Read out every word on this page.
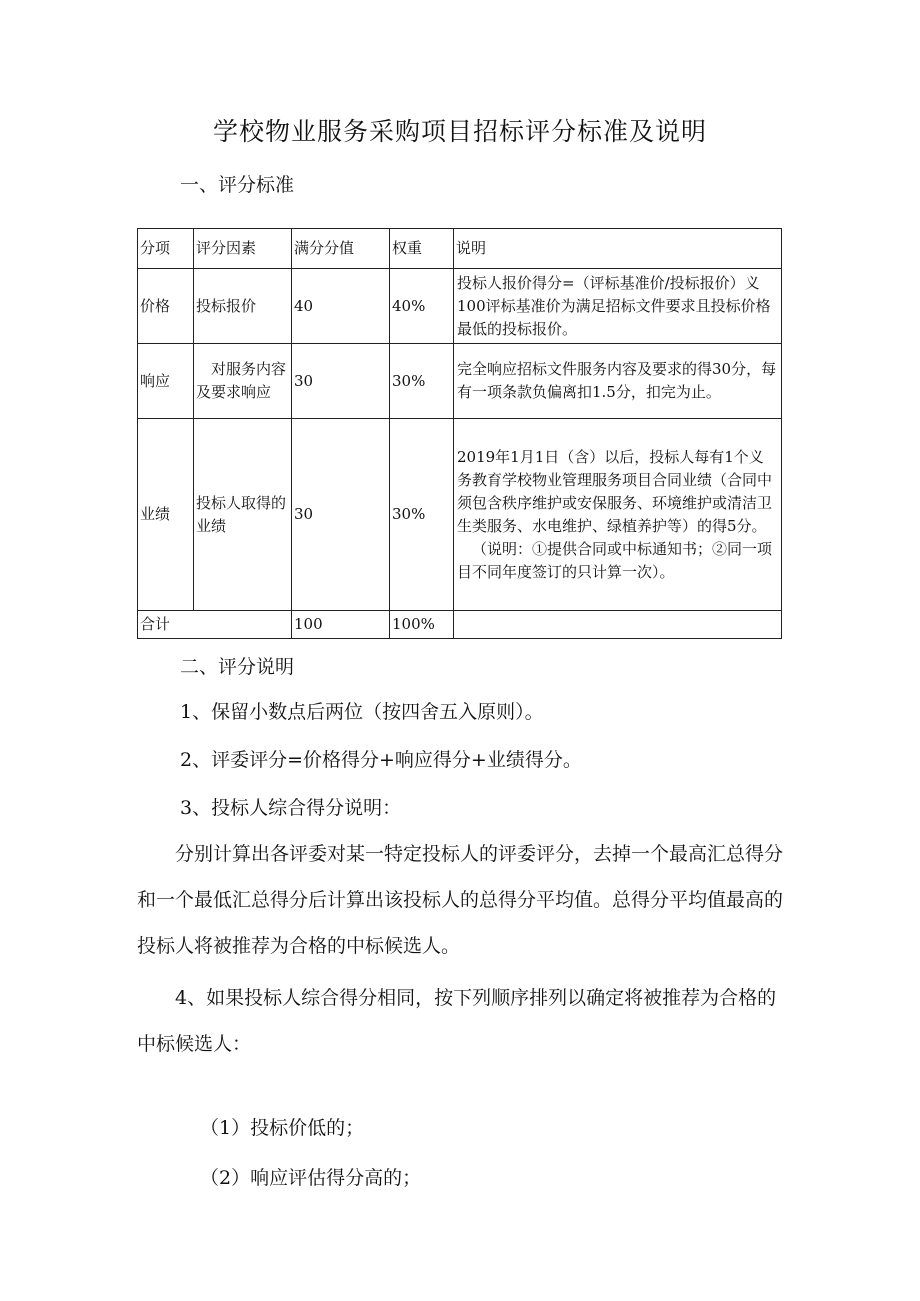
学校物业服务采购项目招标评分标准及说明
一、评分标准
分项	评分因素	满分分值	权重	说明
价格	投标报价	40	40%	投标人报价得分=（评标基准价/投标报价）义100评标基准价为满足招标文件要求且投标价格最低的投标报价。
响应	对服务内容及要求响应	30	30%	完全响应招标文件服务内容及要求的得30分，每有一项条款负偏离扣1.5分，扣完为止。
业绩	投标人取得的业绩	30	30%	2019年1月1日（含）以后，投标人每有1个义务教育学校物业管理服务项目合同业绩（合同中须包含秩序维护或安保服务、环境维护或清洁卫生类服务、水电维护、绿植养护等）的得5分。
（说明：①提供合同或中标通知书；②同一项目不同年度签订的只计算一次）。

合计		100	100%	
二、评分说明
1、保留小数点后两位（按四舍五入原则）。
2、评委评分=价格得分+响应得分+业绩得分。
3、投标人综合得分说明：
分别计算出各评委对某一特定投标人的评委评分，去掉一个最高汇总得分和一个最低汇总得分后计算出该投标人的总得分平均值。总得分平均值最高的投标人将被推荐为合格的中标候选人。
4、如果投标人综合得分相同，按下列顺序排列以确定将被推荐为合格的中标候选人：
（1）投标价低的；
（2）响应评估得分高的；
